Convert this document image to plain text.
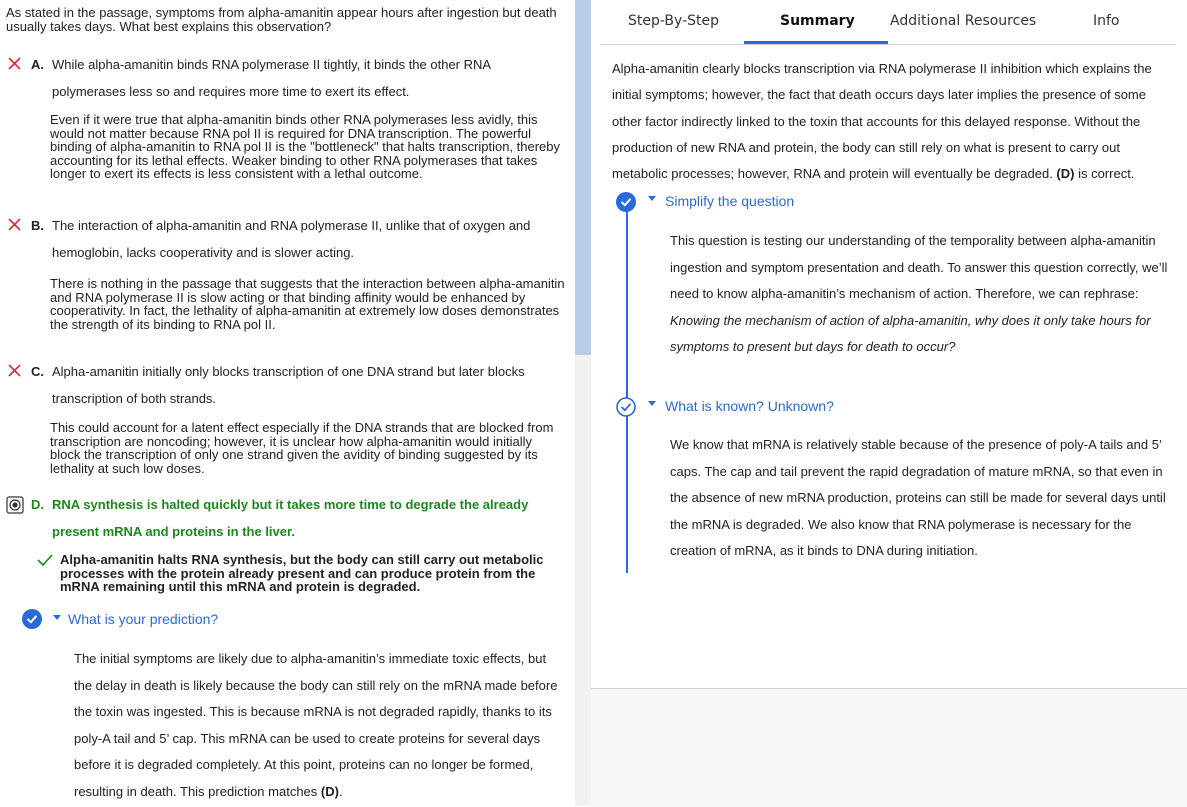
As stated in the passage, symptoms from alpha-amanitin appear hours after ingestion but death usually takes days. What best explains this observation?
A. While alpha-amanitin binds RNA polymerase II tightly, it binds the other RNA
polymerases less so and requires more time to exert its effect.
Even if it were true that alpha-amanitin binds other RNA polymerases less avidly, this would not matter because RNA pol II is required for DNA transcription. The powerful binding of alpha-amanitin to RNA pol II is the "bottleneck" that halts transcription, thereby accounting for its lethal effects. Weaker binding to other RNA polymerases that takes longer to exert its effects is less consistent with a lethal outcome.
B. The interaction of alpha-amanitin and RNA polymerase II, unlike that of oxygen and
hemoglobin, lacks cooperativity and is slower acting.
There is nothing in the passage that suggests that the interaction between alpha-amanitin and RNA polymerase II is slow acting or that binding affinity would be enhanced by cooperativity. In fact, the lethality of alpha-amanitin at extremely low doses demonstrates the strength of its binding to RNA pol II.
C. Alpha-amanitin initially only blocks transcription of one DNA strand but later blocks
transcription of both strands.
This could account for a latent effect especially if the DNA strands that are blocked from transcription are noncoding; however, it is unclear how alpha-amanitin would initially block the transcription of only one strand given the avidity of binding suggested by its lethality at such low doses.
D. RNA synthesis is halted quickly but it takes more time to degrade the already
present mRNA and proteins in the liver.
Alpha-amanitin halts RNA synthesis, but the body can still carry out metabolic processes with the protein already present and can produce protein from the mRNA remaining until this mRNA and protein is degraded.
What is your prediction?
The initial symptoms are likely due to alpha-amanitin’s immediate toxic effects, but the delay in death is likely because the body can still rely on the mRNA made before the toxin was ingested. This is because mRNA is not degraded rapidly, thanks to its poly-A tail and 5’ cap. This mRNA can be used to create proteins for several days before it is degraded completely. At this point, proteins can no longer be formed, resulting in death. This prediction matches (D).
Step-By-Step	Summary	Additional Resources	Info
Alpha-amanitin clearly blocks transcription via RNA polymerase II inhibition which explains the initial symptoms; however, the fact that death occurs days later implies the presence of some other factor indirectly linked to the toxin that accounts for this delayed response. Without the production of new RNA and protein, the body can still rely on what is present to carry out metabolic processes; however, RNA and protein will eventually be degraded. (D) is correct.
Simplify the question
This question is testing our understanding of the temporality between alpha-amanitin ingestion and symptom presentation and death. To answer this question correctly, we’ll need to know alpha-amanitin’s mechanism of action. Therefore, we can rephrase: Knowing the mechanism of action of alpha-amanitin, why does it only take hours for symptoms to present but days for death to occur?
What is known? Unknown?
We know that mRNA is relatively stable because of the presence of poly-A tails and 5’ caps. The cap and tail prevent the rapid degradation of mature mRNA, so that even in the absence of new mRNA production, proteins can still be made for several days until the mRNA is degraded. We also know that RNA polymerase is necessary for the creation of mRNA, as it binds to DNA during initiation.
